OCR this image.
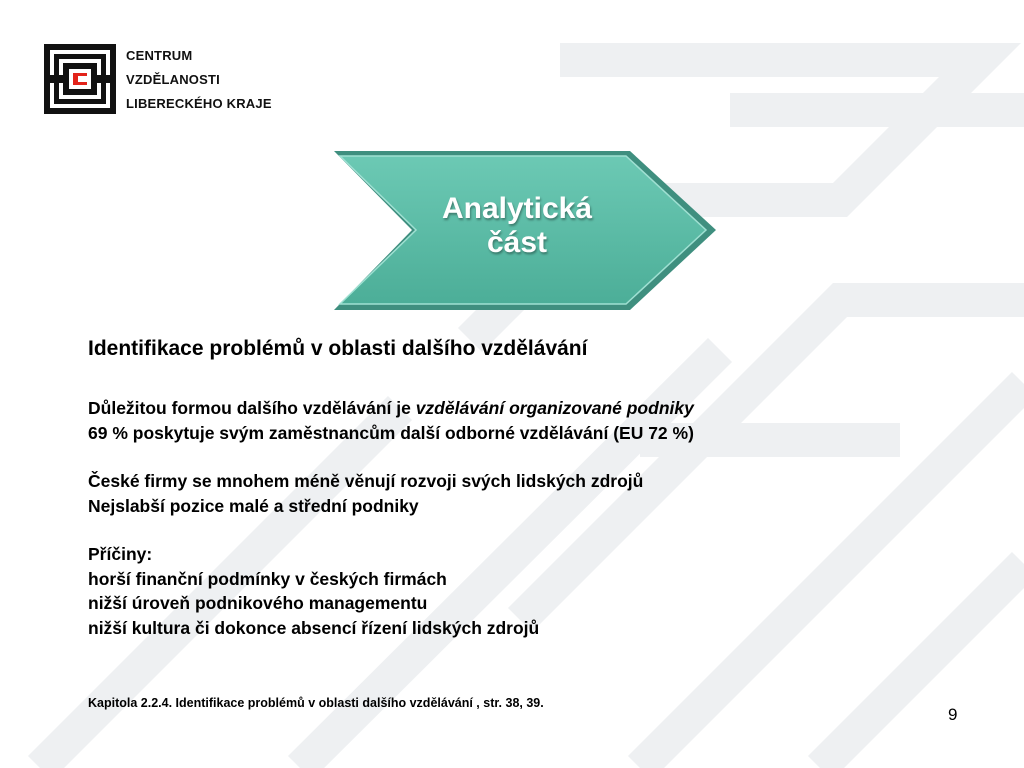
CENTRUM
VZDĚLANOSTI
LIBERECKÉHO KRAJE
Analytická
část
Identifikace problémů v oblasti dalšího vzdělávání
Důležitou formou dalšího vzdělávání je vzdělávání organizované podniky
69 % poskytuje svým zaměstnancům další odborné vzdělávání (EU 72 %)
České firmy se mnohem méně věnují rozvoji svých lidských zdrojů
Nejslabší pozice malé a střední podniky
Příčiny:
horší finanční podmínky v českých firmách
nižší úroveň podnikového managementu
nižší kultura či dokonce absencí řízení lidských zdrojů
Kapitola 2.2.4. Identifikace problémů v oblasti dalšího vzdělávání , str. 38, 39.
9
